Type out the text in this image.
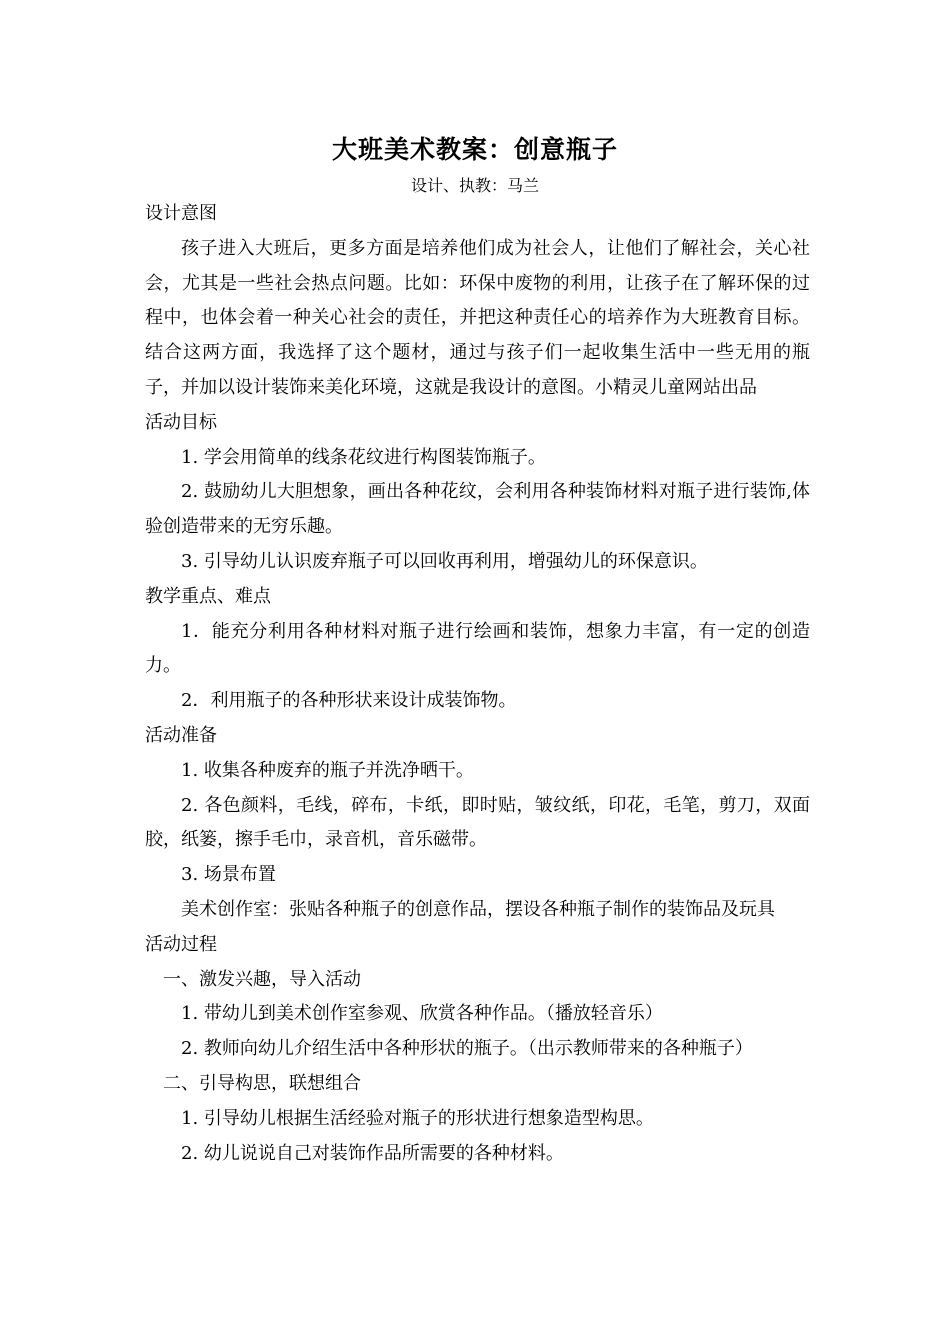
大班美术教案：创意瓶子
设计、执教：马兰

设计意图

孩子进入大班后，更多方面是培养他们成为社会人，让他们了解社会，关心社会，尤其是一些社会热点问题。比如：环保中废物的利用，让孩子在了解环保的过程中，也体会着一种关心社会的责任，并把这种责任心的培养作为大班教育目标。结合这两方面，我选择了这个题材，通过与孩子们一起收集生活中一些无用的瓶子，并加以设计装饰来美化环境，这就是我设计的意图。小精灵儿童网站出品

活动目标

1. 学会用简单的线条花纹进行构图装饰瓶子。

2. 鼓励幼儿大胆想象，画出各种花纹，会利用各种装饰材料对瓶子进行装饰,体验创造带来的无穷乐趣。

3. 引导幼儿认识废弃瓶子可以回收再利用，增强幼儿的环保意识。

教学重点、难点

1．能充分利用各种材料对瓶子进行绘画和装饰，想象力丰富，有一定的创造力。

2．利用瓶子的各种形状来设计成装饰物。

活动准备

1. 收集各种废弃的瓶子并洗净晒干。

2. 各色颜料，毛线，碎布，卡纸，即时贴，皱纹纸，印花，毛笔，剪刀，双面胶，纸篓，擦手毛巾，录音机，音乐磁带。

3. 场景布置

美术创作室：张贴各种瓶子的创意作品，摆设各种瓶子制作的装饰品及玩具

活动过程

一、激发兴趣，导入活动

1. 带幼儿到美术创作室参观、欣赏各种作品。（播放轻音乐）

2. 教师向幼儿介绍生活中各种形状的瓶子。（出示教师带来的各种瓶子）

二、引导构思，联想组合

1. 引导幼儿根据生活经验对瓶子的形状进行想象造型构思。

2. 幼儿说说自己对装饰作品所需要的各种材料。
